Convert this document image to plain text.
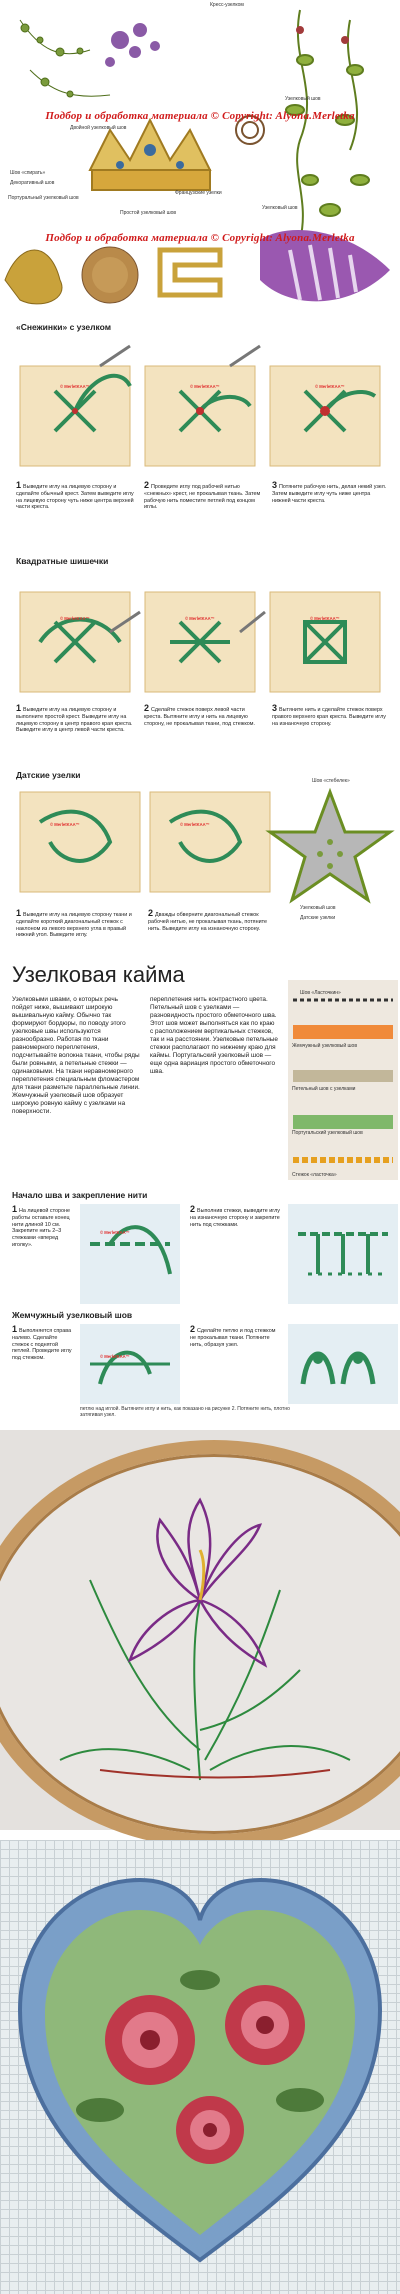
Подбор и обработка материала © Copyright: Alyona.Merletka
Подбор и обработка материала © Copyright: Alyona.Merletka
Кресс-узелком
Узелковый шов
Двойной узелковый шов
Шов «спирать»
Декоративный шов
Портуральный узелковый шов
Простой узелковый шов
Французские узелки
Узелковый шов
«Снежинки» с узелком
© MerletKAA™	© MerletKAA™	© MerletKAA™
1 Выведите иглу на лицевую сторону и сделайте обычный крест. Затем выведите иглу на лицевую сторону чуть ниже центра верхней части креста.
2 Проведите иглу под рабочей нитью «снежных» крест, не прокалывая ткань. Затем рабочую нить поместите петлей под концом иглы.
3 Потяните рабочую нить, делая некий узел. Затем выведите иглу чуть ниже центра нижней части креста.
Квадратные шишечки
© MerletKAA™	© MerletKAA™	© MerletKAA™
1 Выведите иглу на лицевую сторону и выполните простой крест. Выведите иглу на лицевую сторону в центр правого края креста. Выведите иглу в центр левой части креста.
2 Сделайте стежок поверх левой части креста. Вытяните иглу и нить на лицевую сторону, не прокалывая ткани, под стежком.
3 Вытяните нить и сделайте стежок поверх правого верхнего края креста. Выведите иглу на изнаночную сторону.
Датские узелки
© MerletKAA™	© MerletKAA™
Шов «стебелек»
Узелковый шов
Датские узелки
1 Выведите иглу на лицевую сторону ткани и сделайте короткий диагональный стежок с наклоном из левого верхнего угла в правый нижний угол. Выведите иглу.
2 Дважды обверните диагональный стежок рабочей нитью, не прокалывая ткань, потяните нить. Выведите иглу на изнаночную сторону.
Узелковая кайма
Узелковыми швами, о которых речь пойдет ниже, вышивают широкую вышивальную кайму. Обычно так формируют бордюры, по поводу этого узелковые швы используются разнообразно. Работая по ткани равномерного переплетения, подсчитывайте волокна ткани, чтобы ряды были ровными, а петельные стежки — одинаковыми. На ткани неравномерного переплетения специальным фломастером для ткани разметьте параллельные линии. Жемчужный узелковый шов образует широкую ровную кайму с узелками на поверхности.
переплетения нить контрастного цвета. Петельный шов с узелками — разновидность простого обметочного шва. Этот шов может выполняться как по краю с расположением вертикальных стежков, так и на расстоянии. Узелковые петельные стежки располагают по нижнему краю для каймы. Португальский узелковый шов — еще одна вариация простого обметочного шва.
Шов «Ласточкин»
Жемчужный узелковый шов
Петельный шов с узелками
Португальский узелковый шов
Стежок «ласточка»
Начало шва и закрепление нити
1 На лицевой стороне работы оставьте конец нити длиной 10 см. Закрепите нить 2–3 стежками «вперед иголку».
© MerletKAA™
2 Выполнив стежки, выведите иглу на изнаночную сторону и закрепите нить под стежками.
Жемчужный узелковый шов
1 Выполняется справа налево. Сделайте стежок с поднятой петлей. Проведите иглу под стежком.	© MerletKAA™
2 Сделайте петлю и под стежком не прокалывая ткани. Потяните нить, образуя узел.
петлю над иглой. Вытяните иглу и нить, как показано на рисунке 2. Потяните нить, плотно затягивая узел.
